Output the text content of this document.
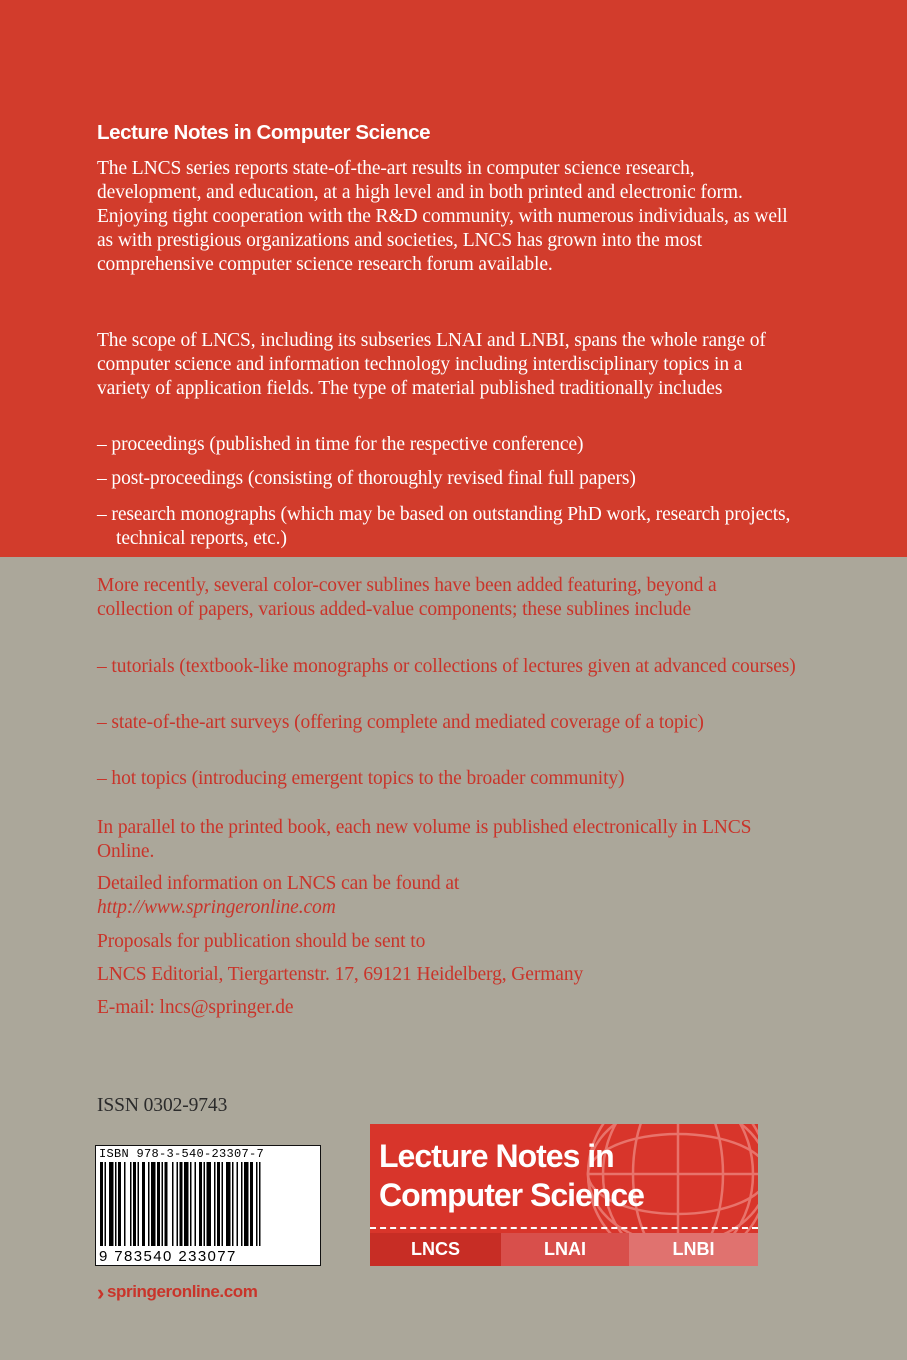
Lecture Notes in Computer Science

The LNCS series reports state-of-the-art results in computer science research, development, and education, at a high level and in both printed and electronic form. Enjoying tight cooperation with the R&D community, with numerous individuals, as well as with prestigious organizations and societies, LNCS has grown into the most comprehensive computer science research forum available.

The scope of LNCS, including its subseries LNAI and LNBI, spans the whole range of computer science and information technology including interdisciplinary topics in a variety of application fields. The type of material published traditionally includes

– proceedings (published in time for the respective conference)

– post-proceedings (consisting of thoroughly revised final full papers)

– research monographs (which may be based on outstanding PhD work, research projects, technical reports, etc.)

More recently, several color-cover sublines have been added featuring, beyond a collection of papers, various added-value components; these sublines include

– tutorials (textbook-like monographs or collections of lectures given at advanced courses)

– state-of-the-art surveys (offering complete and mediated coverage of a topic)

– hot topics (introducing emergent topics to the broader community)

In parallel to the printed book, each new volume is published electronically in LNCS Online.

Detailed information on LNCS can be found at

http://www.springeronline.com

Proposals for publication should be sent to

LNCS Editorial, Tiergartenstr. 17, 69121 Heidelberg, Germany

E-mail: lncs@springer.de

ISSN 0302-9743

ISBN 978-3-540-23307-7
9 783540 233077
› springeronline.com
Lecture Notes in
Computer Science
LNCS	LNAI	LNBI
